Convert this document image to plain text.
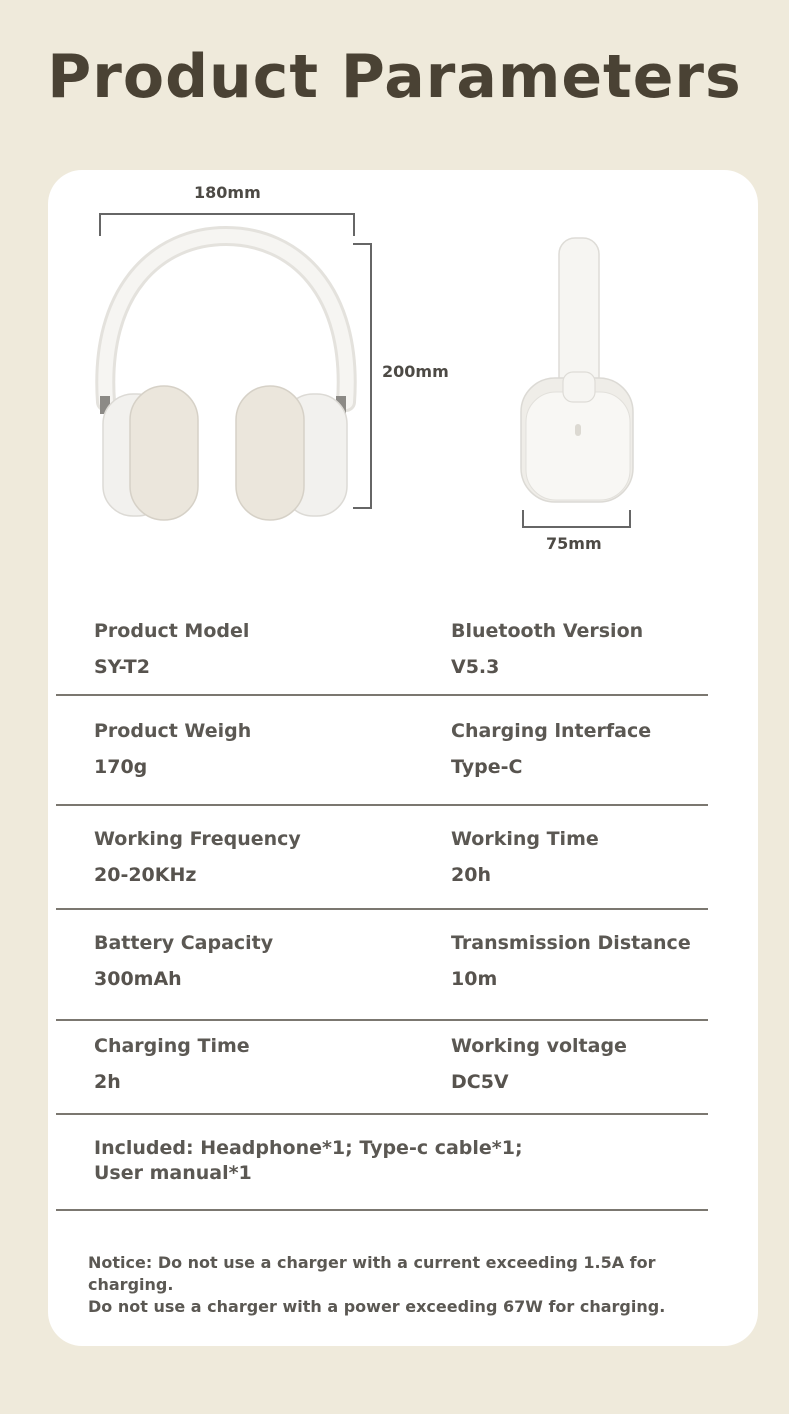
Product Parameters
180mm
200mm
75mm
Product Model
SY-T2
Bluetooth Version
V5.3
Product Weigh
170g
Charging lnterface
Type-C
Working Frequency
20-20KHz
Working Time
20h
Battery Capacity
300mAh
Transmission Distance
10m
Charging Time
2h
Working voltage
DC5V
Included: Headphone*1; Type-c cable*1;
User manual*1
Notice: Do not use a charger with a current exceeding 1.5A for charging.
Do not use a charger with a power exceeding 67W for charging.
